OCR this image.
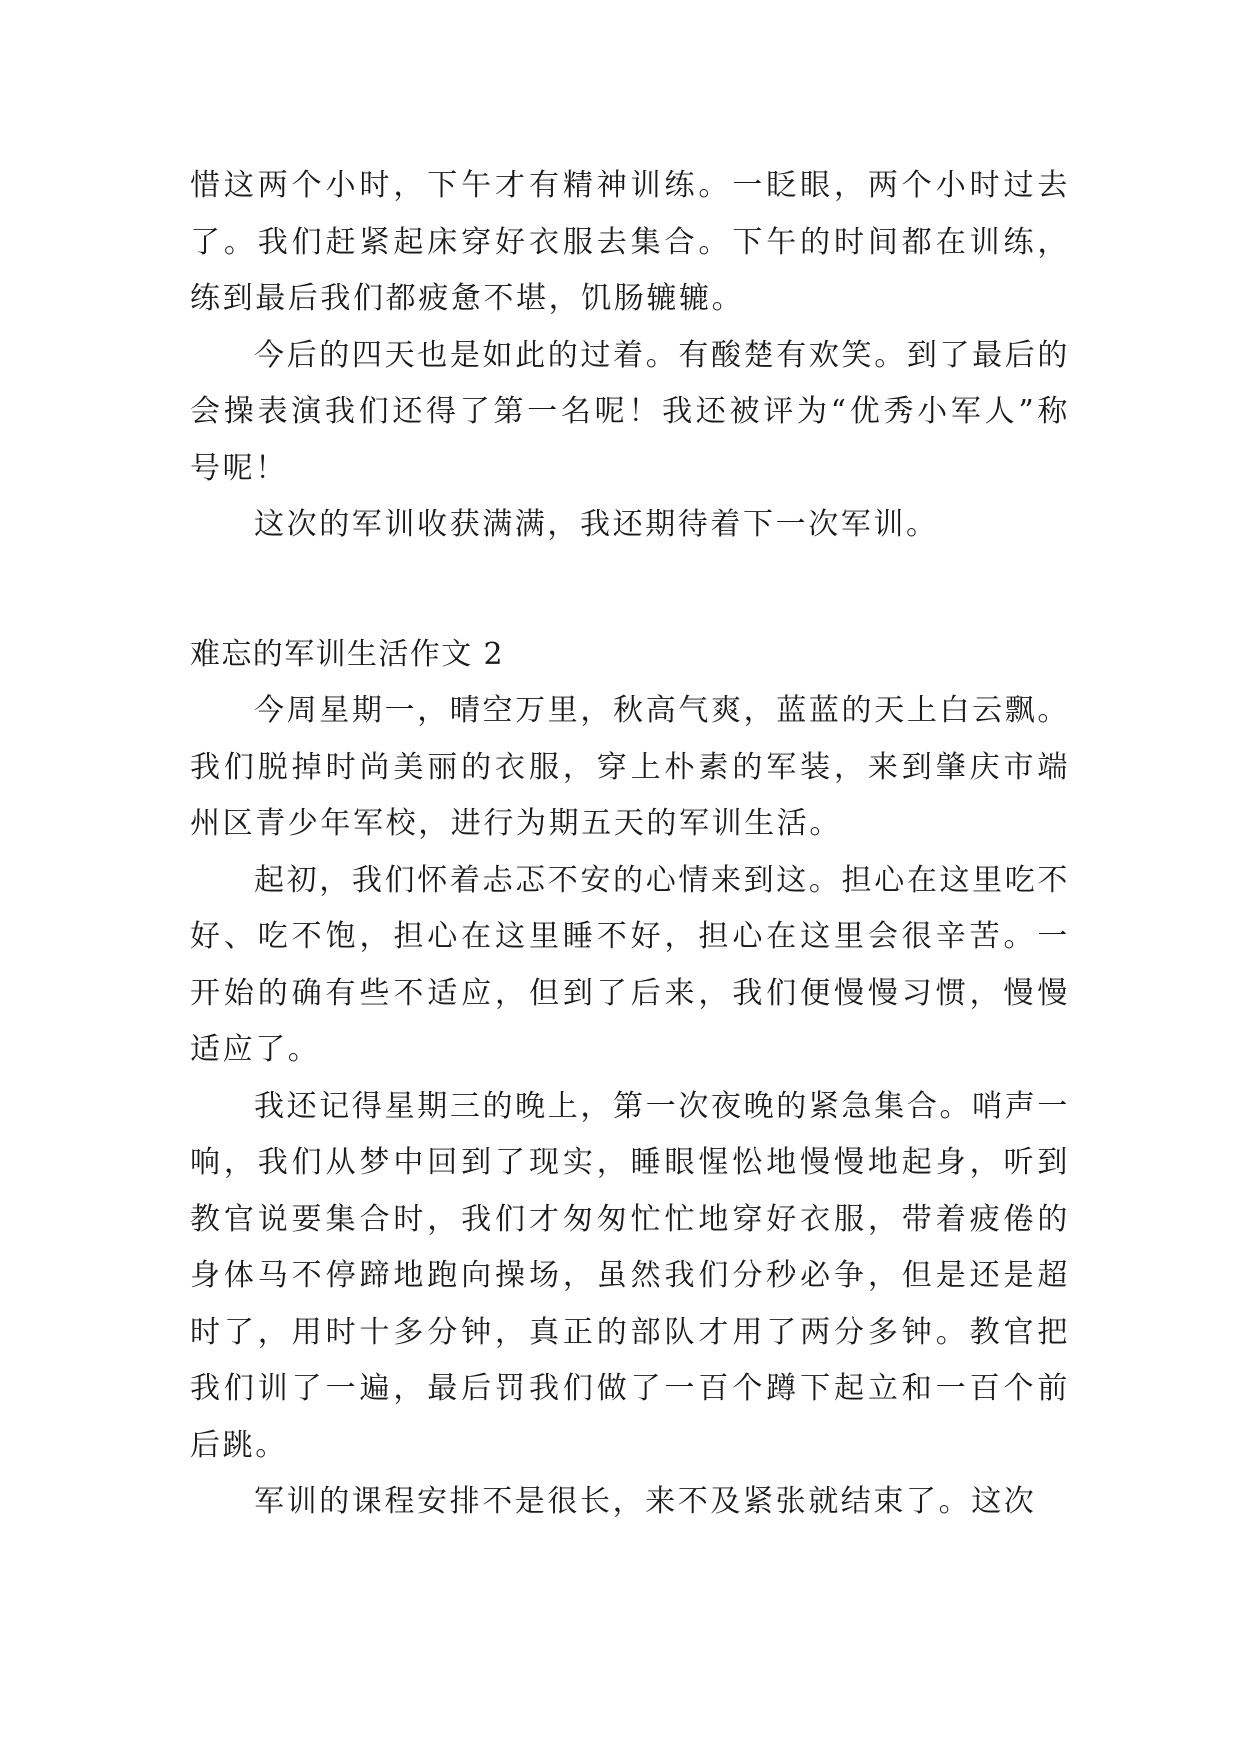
惜这两个小时，下午才有精神训练。一眨眼，两个小时过去了。我们赶紧起床穿好衣服去集合。下午的时间都在训练，练到最后我们都疲惫不堪，饥肠辘辘。

今后的四天也是如此的过着。有酸楚有欢笑。到了最后的会操表演我们还得了第一名呢！我还被评为“优秀小军人”称号呢！

这次的军训收获满满，我还期待着下一次军训。

难忘的军训生活作文 2

今周星期一，晴空万里，秋高气爽，蓝蓝的天上白云飘。我们脱掉时尚美丽的衣服，穿上朴素的军装，来到肇庆市端州区青少年军校，进行为期五天的军训生活。

起初，我们怀着忐忑不安的心情来到这。担心在这里吃不好、吃不饱，担心在这里睡不好，担心在这里会很辛苦。一开始的确有些不适应，但到了后来，我们便慢慢习惯，慢慢适应了。

我还记得星期三的晚上，第一次夜晚的紧急集合。哨声一响，我们从梦中回到了现实，睡眼惺忪地慢慢地起身，听到教官说要集合时，我们才匆匆忙忙地穿好衣服，带着疲倦的身体马不停蹄地跑向操场，虽然我们分秒必争，但是还是超时了，用时十多分钟，真正的部队才用了两分多钟。教官把我们训了一遍，最后罚我们做了一百个蹲下起立和一百个前后跳。

军训的课程安排不是很长，来不及紧张就结束了。这次
